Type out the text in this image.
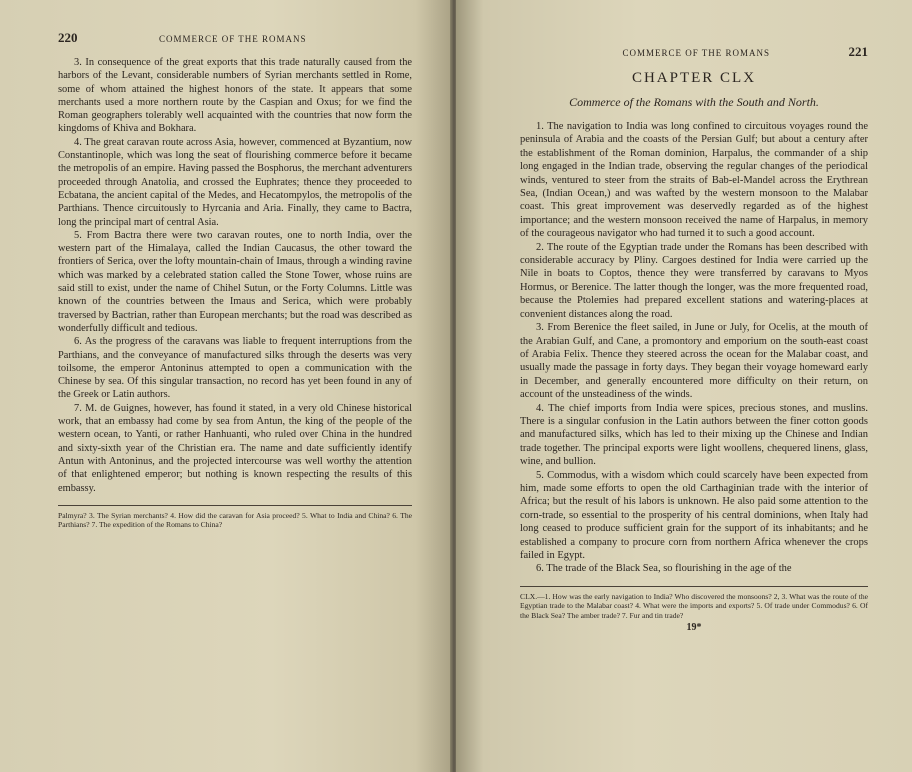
220	COMMERCE OF THE ROMANS

3. In consequence of the great exports that this trade naturally caused from the harbors of the Levant, considerable numbers of Syrian merchants settled in Rome, some of whom attained the highest honors of the state. It appears that some merchants used a more northern route by the Caspian and Oxus; for we find the Roman geographers tolerably well acquainted with the countries that now form the kingdoms of Khiva and Bokhara.

4. The great caravan route across Asia, however, commenced at Byzantium, now Constantinople, which was long the seat of flourishing commerce before it became the metropolis of an empire. Having passed the Bosphorus, the merchant adventurers proceeded through Anatolia, and crossed the Euphrates; thence they proceeded to Ecbatana, the ancient capital of the Medes, and Hecatompylos, the metropolis of the Parthians. Thence circuitously to Hyrcania and Aria. Finally, they came to Bactra, long the principal mart of central Asia.

5. From Bactra there were two caravan routes, one to north India, over the western part of the Himalaya, called the Indian Caucasus, the other toward the frontiers of Serica, over the lofty mountain-chain of Imaus, through a winding ravine which was marked by a celebrated station called the Stone Tower, whose ruins are said still to exist, under the name of Chihel Sutun, or the Forty Columns. Little was known of the countries between the Imaus and Serica, which were probably traversed by Bactrian, rather than European merchants; but the road was described as wonderfully difficult and tedious.

6. As the progress of the caravans was liable to frequent interruptions from the Parthians, and the conveyance of manufactured silks through the deserts was very toilsome, the emperor Antoninus attempted to open a communication with the Chinese by sea. Of this singular transaction, no record has yet been found in any of the Greek or Latin authors.

7. M. de Guignes, however, has found it stated, in a very old Chinese historical work, that an embassy had come by sea from Antun, the king of the people of the western ocean, to Yanti, or rather Hanhuanti, who ruled over China in the hundred and sixty-sixth year of the Christian era. The name and date sufficiently identify Antun with Antoninus, and the projected intercourse was well worthy the attention of that enlightened emperor; but nothing is known respecting the results of this embassy.

Palmyra? 3. The Syrian merchants? 4. How did the caravan for Asia proceed? 5. What to India and China? 6. The Parthians? 7. The expedition of the Romans to China?
COMMERCE OF THE ROMANS	221
CHAPTER CLX
Commerce of the Romans with the South and North.

1. The navigation to India was long confined to circuitous voyages round the peninsula of Arabia and the coasts of the Persian Gulf; but about a century after the establishment of the Roman dominion, Harpalus, the commander of a ship long engaged in the Indian trade, observing the regular changes of the periodical winds, ventured to steer from the straits of Bab-el-Mandel across the Erythrean Sea, (Indian Ocean,) and was wafted by the western monsoon to the Malabar coast. This great improvement was deservedly regarded as of the highest importance; and the western monsoon received the name of Harpalus, in memory of the courageous navigator who had turned it to such a good account.

2. The route of the Egyptian trade under the Romans has been described with considerable accuracy by Pliny. Cargoes destined for India were carried up the Nile in boats to Coptos, thence they were transferred by caravans to Myos Hormus, or Berenice. The latter though the longer, was the more frequented road, because the Ptolemies had prepared excellent stations and watering-places at convenient distances along the road.

3. From Berenice the fleet sailed, in June or July, for Ocelis, at the mouth of the Arabian Gulf, and Cane, a promontory and emporium on the south-east coast of Arabia Felix. Thence they steered across the ocean for the Malabar coast, and usually made the passage in forty days. They began their voyage homeward early in December, and generally encountered more difficulty on their return, on account of the unsteadiness of the winds.

4. The chief imports from India were spices, precious stones, and muslins. There is a singular confusion in the Latin authors between the finer cotton goods and manufactured silks, which has led to their mixing up the Chinese and Indian trade together. The principal exports were light woollens, chequered linens, glass, wine, and bullion.

5. Commodus, with a wisdom which could scarcely have been expected from him, made some efforts to open the old Carthaginian trade with the interior of Africa; but the result of his labors is unknown. He also paid some attention to the corn-trade, so essential to the prosperity of his central dominions, when Italy had long ceased to produce sufficient grain for the support of its inhabitants; and he established a company to procure corn from northern Africa whenever the crops failed in Egypt.

6. The trade of the Black Sea, so flourishing in the age of the

CLX.—1. How was the early navigation to India? Who discovered the monsoons? 2, 3. What was the route of the Egyptian trade to the Malabar coast? 4. What were the imports and exports? 5. Of trade under Commodus? 6. Of the Black Sea? The amber trade? 7. Fur and tin trade?
19*
